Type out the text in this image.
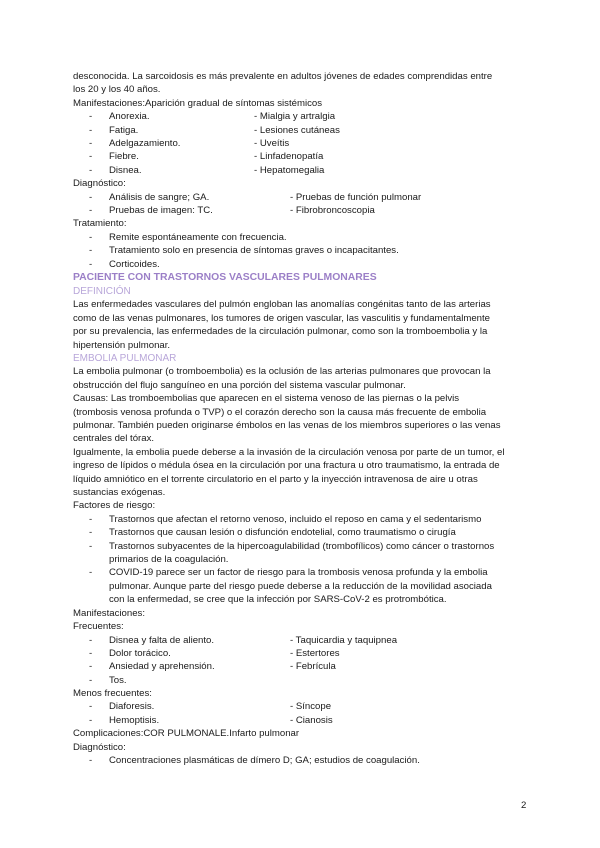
desconocida. La sarcoidosis es más prevalente en adultos jóvenes de edades comprendidas entre

los 20 y los 40 años.

Manifestaciones:Aparición gradual de síntomas sistémicos

- Anorexia.	- Mialgia y artralgia
- Fatiga.	- Lesiones cutáneas
- Adelgazamiento.	- Uveítis
- Fiebre.	- Linfadenopatía
- Disnea.	- Hepatomegalia

Diagnóstico:

- Análisis de sangre; GA.	- Pruebas de función pulmonar
- Pruebas de imagen: TC.	- Fibrobroncoscopia

Tratamiento:

- Remite espontáneamente con frecuencia.
- Tratamiento solo en presencia de síntomas graves o incapacitantes.
- Corticoides.

PACIENTE CON TRASTORNOS VASCULARES PULMONARES

DEFINICIÓN

Las enfermedades vasculares del pulmón engloban las anomalías congénitas tanto de las arterias

como de las venas pulmonares, los tumores de origen vascular, las vasculitis y fundamentalmente

por su prevalencia, las enfermedades de la circulación pulmonar, como son la tromboembolia y la

hipertensión pulmonar.

EMBOLIA PULMONAR

La embolia pulmonar (o tromboembolia) es la oclusión de las arterias pulmonares que provocan la

obstrucción del flujo sanguíneo en una porción del sistema vascular pulmonar.

Causas: Las tromboembolias que aparecen en el sistema venoso de las piernas o la pelvis

(trombosis venosa profunda o TVP) o el corazón derecho son la causa más frecuente de embolia

pulmonar. También pueden originarse émbolos en las venas de los miembros superiores o las venas

centrales del tórax.

Igualmente, la embolia puede deberse a la invasión de la circulación venosa por parte de un tumor, el

ingreso de lípidos o médula ósea en la circulación por una fractura u otro traumatismo, la entrada de

líquido amniótico en el torrente circulatorio en el parto y la inyección intravenosa de aire u otras

sustancias exógenas.

Factores de riesgo:

- Trastornos que afectan el retorno venoso, incluido el reposo en cama y el sedentarismo
- Trastornos que causan lesión o disfunción endotelial, como traumatismo o cirugía
- Trastornos subyacentes de la hipercoagulabilidad (trombofílicos) como cáncer o trastornos
primarios de la coagulación.
- COVID-19 parece ser un factor de riesgo para la trombosis venosa profunda y la embolia
pulmonar. Aunque parte del riesgo puede deberse a la reducción de la movilidad asociada
con la enfermedad, se cree que la infección por SARS-CoV-2 es protrombótica.

Manifestaciones:

Frecuentes:

- Disnea y falta de aliento.	- Taquicardia y taquipnea
- Dolor torácico.	- Estertores
- Ansiedad y aprehensión.	- Febrícula
- Tos.

Menos frecuentes:

- Diaforesis.	- Síncope
- Hemoptisis.	- Cianosis

Complicaciones:COR PULMONALE.Infarto pulmonar

Diagnóstico:

- Concentraciones plasmáticas de dímero D; GA; estudios de coagulación.
2
